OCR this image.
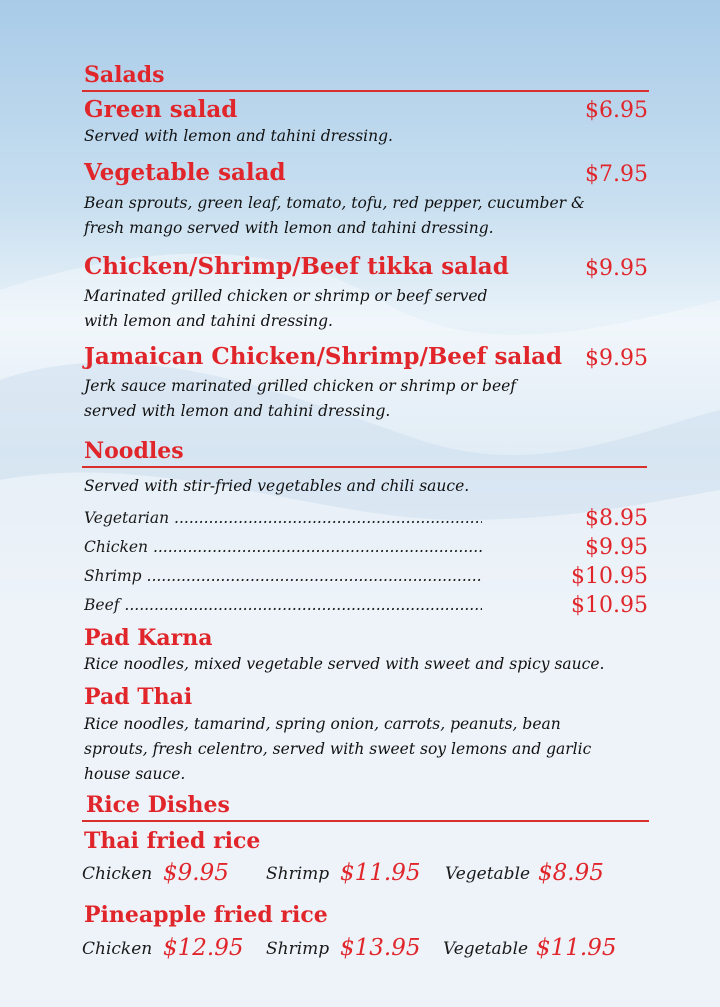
Salads
Green salad	$6.95
Served with lemon and tahini dressing.
Vegetable salad	$7.95
Bean sprouts, green leaf, tomato, tofu, red pepper, cucumber &
fresh mango served with lemon and tahini dressing.
Chicken/Shrimp/Beef tikka salad	$9.95
Marinated grilled chicken or shrimp or beef served
with lemon and tahini dressing.
Jamaican Chicken/Shrimp/Beef salad $9.95
Jerk sauce marinated grilled chicken or shrimp or beef
served with lemon and tahini dressing.
Noodles
Served with stir-fried vegetables and chili sauce.
Vegetarian .....	$8.95
Chicken .....	$9.95
Shrimp .....	$10.95
Beef .....	$10.95
Pad Karna
Rice noodles, mixed vegetable served with sweet and spicy sauce.
Pad Thai
Rice noodles, tamarind, spring onion, carrots, peanuts, bean
sprouts, fresh celentro, served with sweet soy lemons and garlic
house sauce.
Rice Dishes
Thai fried rice
Chicken $9.95 Shrimp $11.95 Vegetable $8.95
Pineapple fried rice
Chicken $12.95 Shrimp $13.95 Vegetable $11.95
